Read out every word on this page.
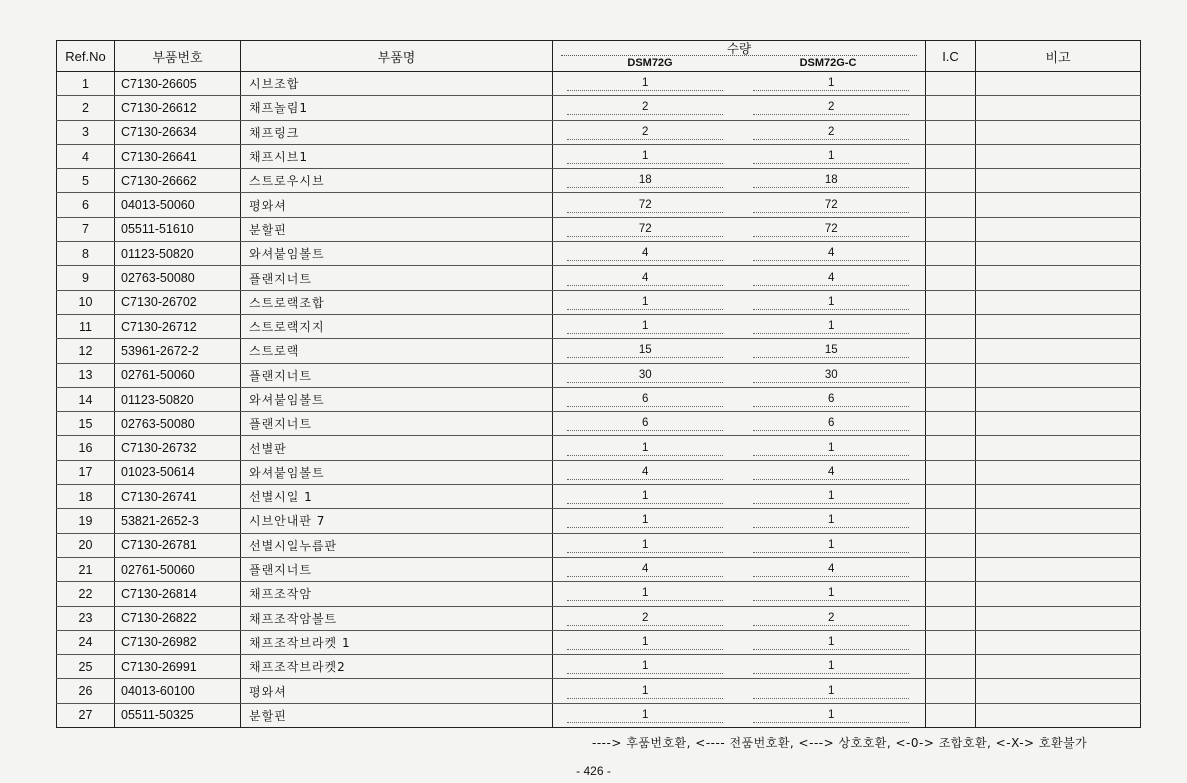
Ref.No	부품번호	부품명	수량
DSM72G DSM72G-C		I.C	비고
1	C7130-26605	시브조합	1	1		
2	C7130-26612	채프놀림1	2	2		
3	C7130-26634	채프링크	2	2		
4	C7130-26641	채프시브1	1	1		
5	C7130-26662	스트로우시브	18	18		
6	04013-50060	평와셔	72	72		
7	05511-51610	분할핀	72	72		
8	01123-50820	와셔붙임볼트	4	4		
9	02763-50080	플랜지너트	4	4		
10	C7130-26702	스트로랙조합	1	1		
11	C7130-26712	스트로랙지지	1	1		
12	53961-2672-2	스트로랙	15	15		
13	02761-50060	플랜지너트	30	30		
14	01123-50820	와셔붙임볼트	6	6		
15	02763-50080	플랜지너트	6	6		
16	C7130-26732	선별판	1	1		
17	01023-50614	와셔붙임볼트	4	4		
18	C7130-26741	선별시일 1	1	1		
19	53821-2652-3	시브안내판 7	1	1		
20	C7130-26781	선별시일누름판	1	1		
21	02761-50060	플랜지너트	4	4		
22	C7130-26814	채프조작암	1	1		
23	C7130-26822	채프조작암볼트	2	2		
24	C7130-26982	채프조작브라켓 1	1	1		
25	C7130-26991	채프조작브라켓2	1	1		
26	04013-60100	평와셔	1	1		
27	05511-50325	분할핀	1	1		
----> 후품번호환, <---- 전품번호환, <---> 상호호환, <-0-> 조합호환, <-X-> 호환불가
- 426 -
